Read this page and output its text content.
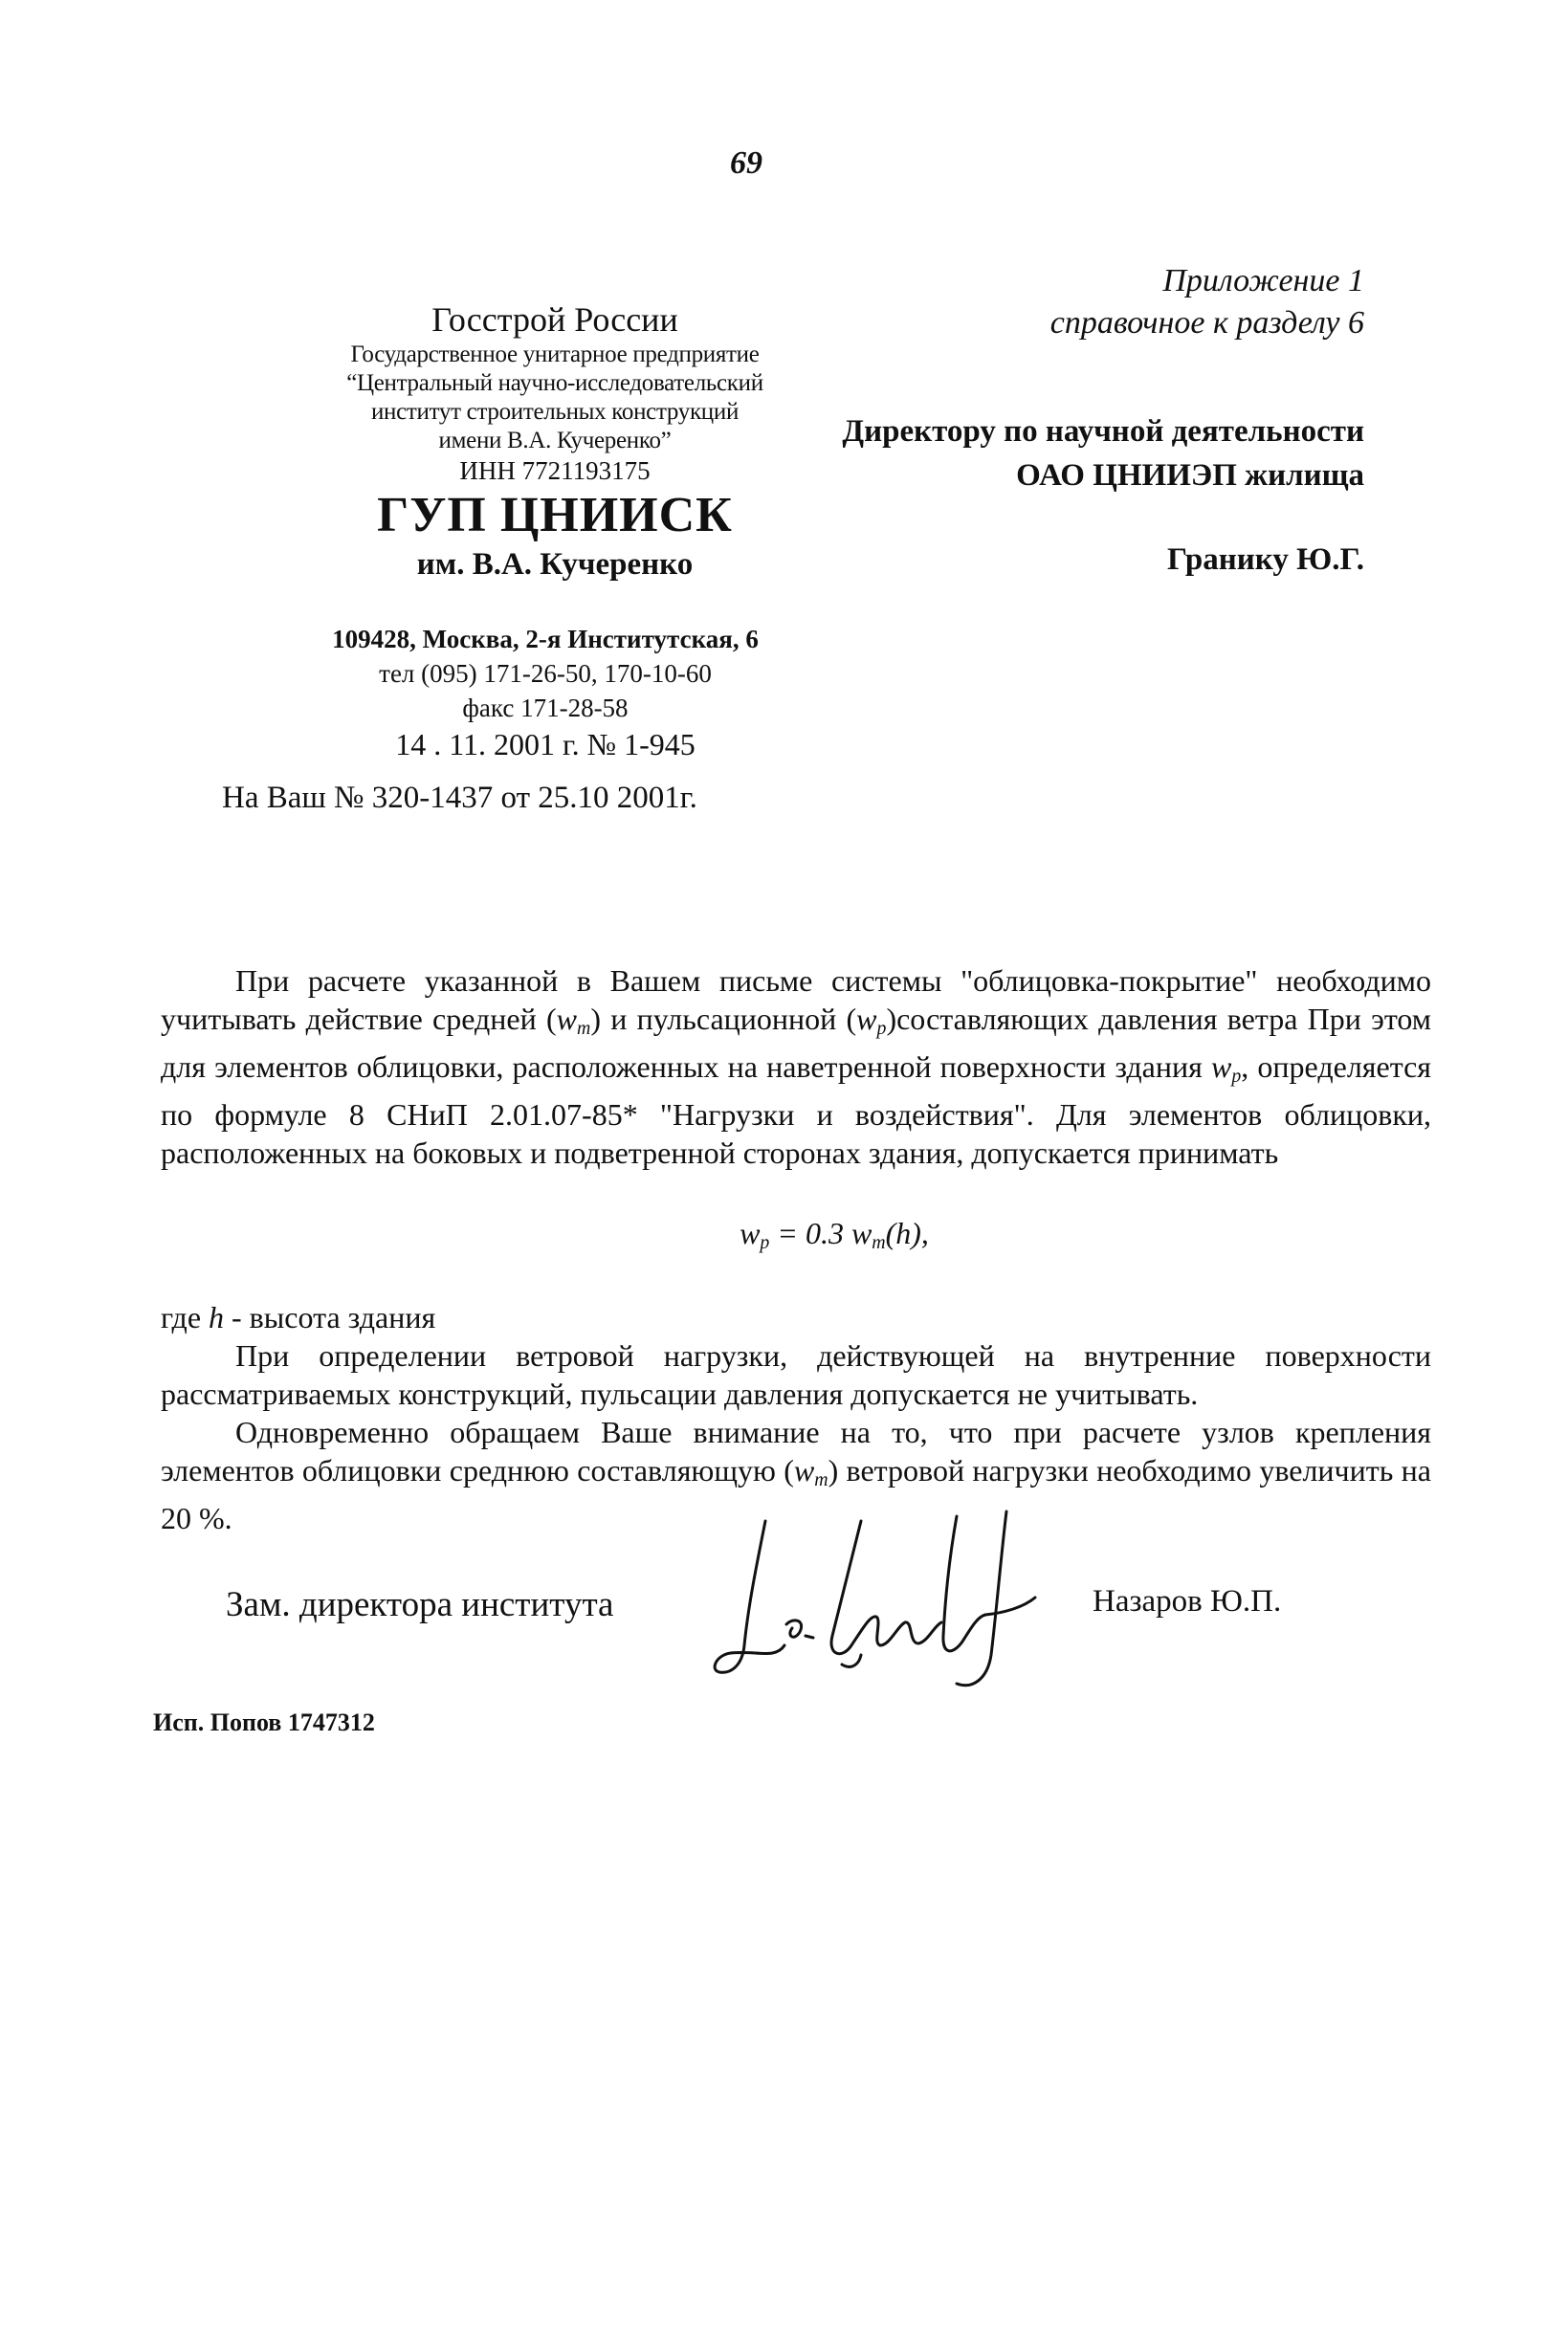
69
Приложение 1
справочное к разделу 6
Госстрой России
Государственное унитарное предприятие
“Центральный научно-исследовательский
институт строительных конструкций
имени В.А. Кучеренко”
ИНН 7721193175
ГУП ЦНИИСК
им. В.А. Кучеренко
109428, Москва, 2-я Институтская, 6
тел (095) 171-26-50, 170-10-60
факс 171-28-58
14 . 11. 2001 г. № 1-945
На Ваш № 320-1437 от 25.10 2001г.
Директору по научной деятельности
ОАО ЦНИИЭП жилища
Гранику Ю.Г.

При расчете указанной в Вашем письме системы "облицовка-покрытие" необходимо учитывать действие средней $(w_m)$ и пульсационной $(w_p)составляющих$ давления ветра При этом для элементов облицовки, расположенных на наветренной поверхности здания $w_p$, определяется по формуле 8 СНиП 2.01.07-85* "Нагрузки и воздействия". Для элементов облицовки, расположенных на боковых и подветренной сторонах здания, допускается принимать

$w_p = 0.3$ $w_m(h)$,

где h - высота здания

При определении ветровой нагрузки, действующей на внутренние поверхности рассматриваемых конструкций, пульсации давления допускается не учитывать.

Одновременно обращаем Ваше внимание на то, что при расчете узлов крепления элементов облицовки среднюю составляющую $(w_m)$ ветровой нагрузки необходимо увеличить на 20 %.

Зам. директора института	Назаров Ю.П.
Исп. Попов 1747312
